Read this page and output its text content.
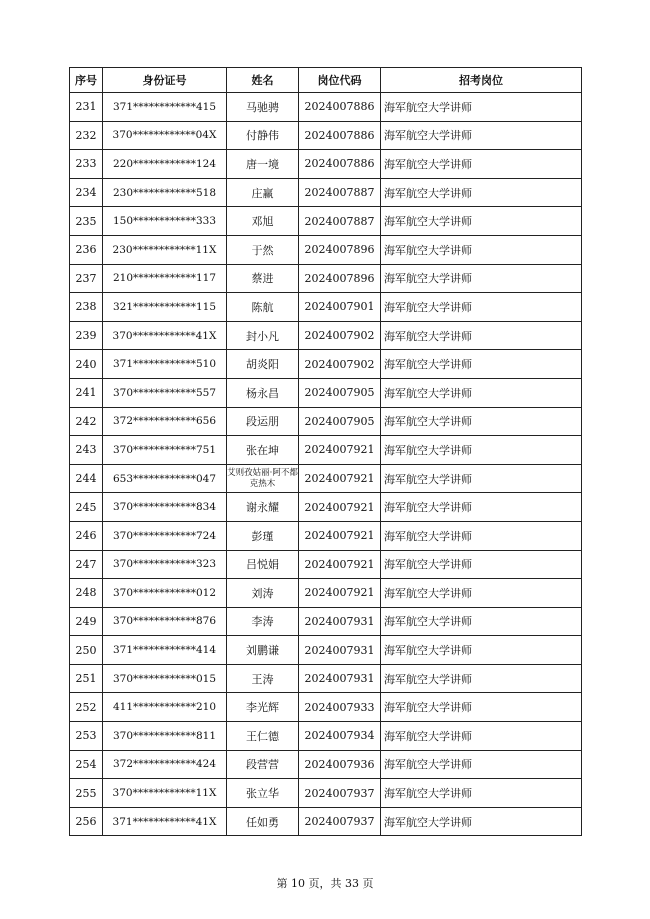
序号	身份证号	姓名	岗位代码	招考岗位
231	371************415	马驰骋	2024007886	海军航空大学讲师
232	370************04X	付静伟	2024007886	海军航空大学讲师
233	220************124	唐一境	2024007886	海军航空大学讲师
234	230************518	庄赢	2024007887	海军航空大学讲师
235	150************333	邓旭	2024007887	海军航空大学讲师
236	230************11X	于然	2024007896	海军航空大学讲师
237	210************117	蔡进	2024007896	海军航空大学讲师
238	321************115	陈航	2024007901	海军航空大学讲师
239	370************41X	封小凡	2024007902	海军航空大学讲师
240	371************510	胡炎阳	2024007902	海军航空大学讲师
241	370************557	杨永昌	2024007905	海军航空大学讲师
242	372************656	段运朋	2024007905	海军航空大学讲师
243	370************751	张在坤	2024007921	海军航空大学讲师
244	653************047	艾则孜姑丽·阿不都克热木	2024007921	海军航空大学讲师
245	370************834	谢永耀	2024007921	海军航空大学讲师
246	370************724	彭瑾	2024007921	海军航空大学讲师
247	370************323	吕悦娟	2024007921	海军航空大学讲师
248	370************012	刘涛	2024007921	海军航空大学讲师
249	370************876	李涛	2024007931	海军航空大学讲师
250	371************414	刘鹏谦	2024007931	海军航空大学讲师
251	370************015	王涛	2024007931	海军航空大学讲师
252	411************210	李光辉	2024007933	海军航空大学讲师
253	370************811	王仁德	2024007934	海军航空大学讲师
254	372************424	段营营	2024007936	海军航空大学讲师
255	370************11X	张立华	2024007937	海军航空大学讲师
256	371************41X	任如勇	2024007937	海军航空大学讲师
第 10 页，共 33 页
